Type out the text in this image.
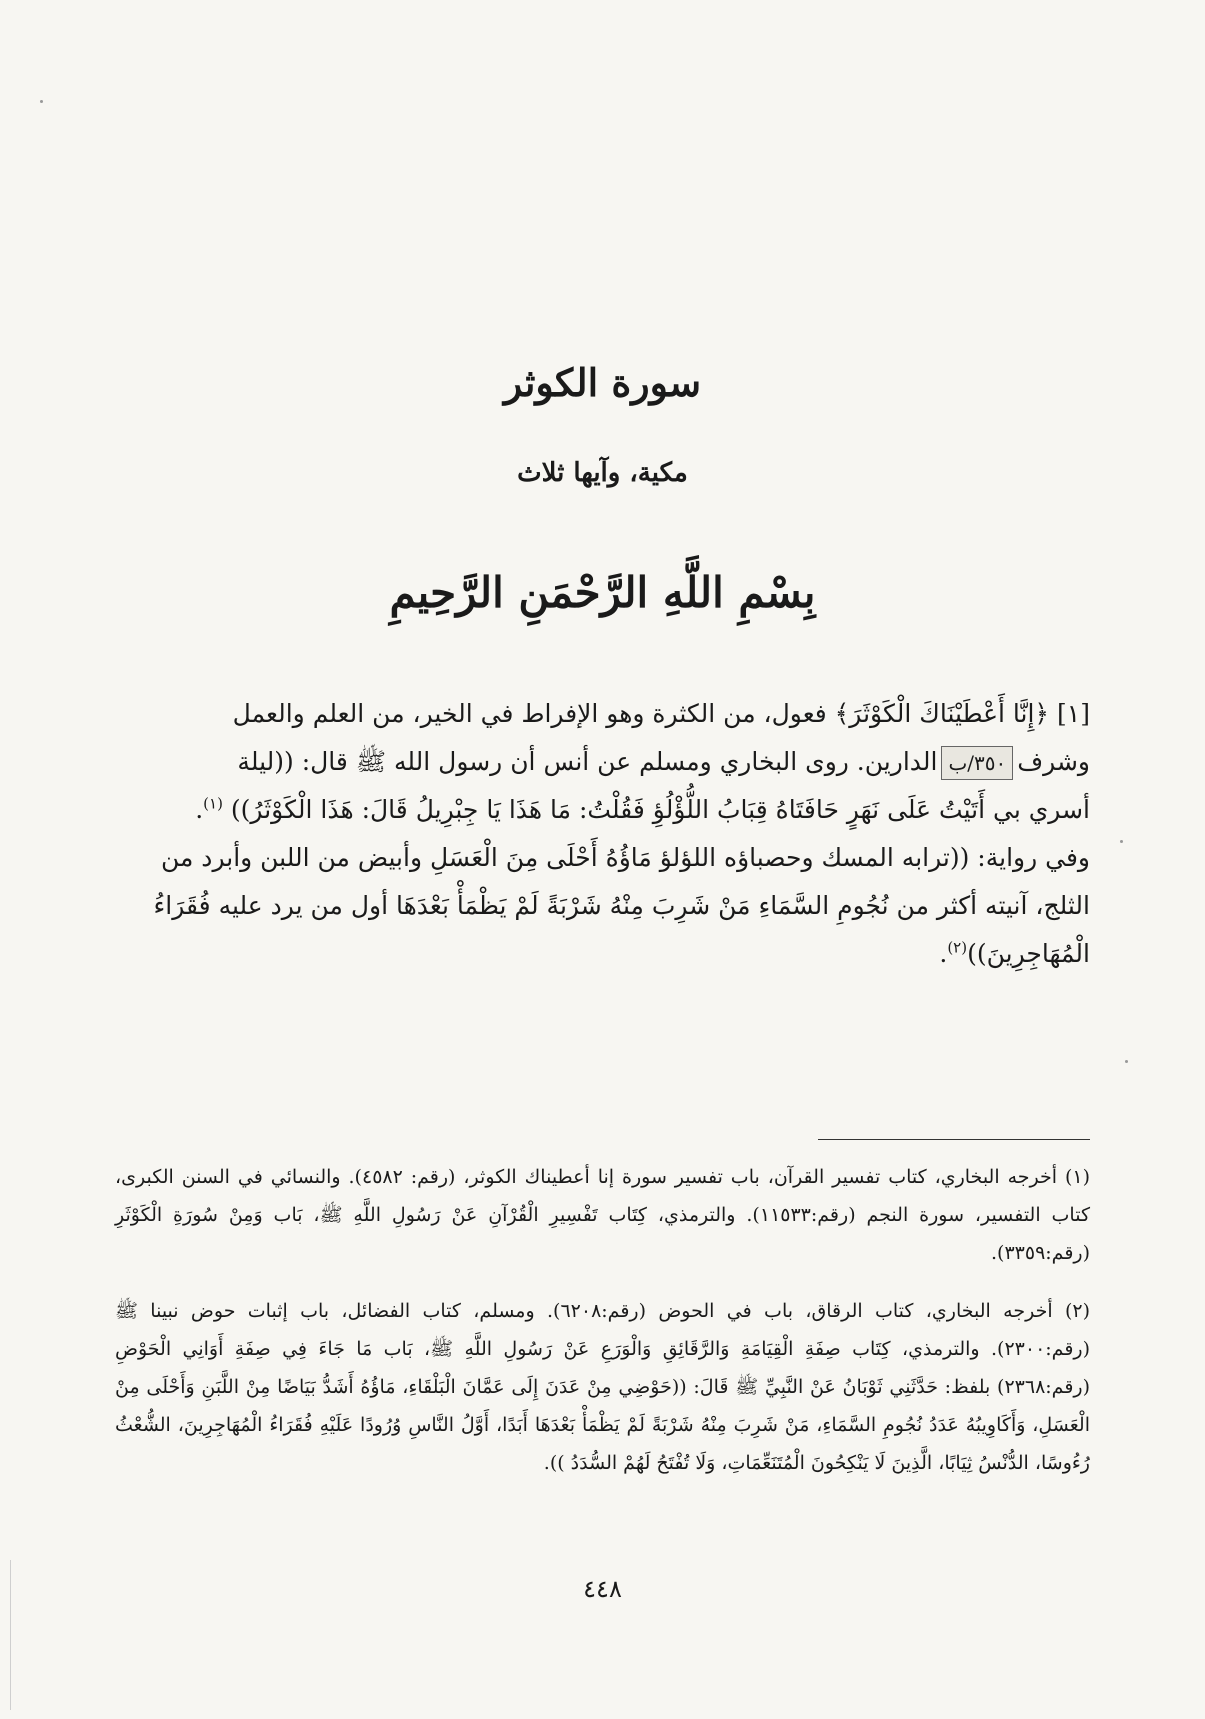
سورة الكوثر
مكية، وآيها ثلاث
بِسْمِ اللَّهِ الرَّحْمَنِ الرَّحِيمِ
[١] ﴿إِنَّا أَعْطَيْنَاكَ الْكَوْثَرَ﴾ فعول، من الكثرة وهو الإفراط في الخير، من العلم والعمل
وشرف٣٥٠/بالدارين. روى البخاري ومسلم عن أنس أن رسول الله ﷺ قال: ((ليلة
أسري بي أَتَيْتُ عَلَى نَهَرٍ حَافَتَاهُ قِبَابُ اللُّؤْلُؤِ فَقُلْتُ: مَا هَذَا يَا جِبْرِيلُ قَالَ: هَذَا الْكَوْثَرُ)) $^{(١)}$.
وفي رواية: ((ترابه المسك وحصباؤه اللؤلؤ مَاؤُهُ أَحْلَى مِنَ الْعَسَلِ وأبيض من اللبن وأبرد من
الثلج، آنيته أكثر من نُجُومِ السَّمَاءِ مَنْ شَرِبَ مِنْهُ شَرْبَةً لَمْ يَظْمَأْ بَعْدَهَا أول من يرد عليه فُقَرَاءُ
الْمُهَاجِرِينَ))$^{(٢)}$.
(١) أخرجه البخاري، كتاب تفسير القرآن، باب تفسير سورة إنا أعطيناك الكوثر، (رقم: ٤٥٨٢). والنسائي في السنن الكبرى، كتاب التفسير، سورة النجم (رقم:١١٥٣٣). والترمذي، كِتَاب تَفْسِيرِ الْقُرْآنِ عَنْ رَسُولِ اللَّهِ ﷺ، بَاب وَمِنْ سُورَةِ الْكَوْثَرِ (رقم:٣٣٥٩).
(٢) أخرجه البخاري، كتاب الرقاق، باب في الحوض (رقم:٦٢٠٨). ومسلم، كتاب الفضائل، باب إثبات حوض نبينا ﷺ (رقم:٢٣٠٠). والترمذي، كِتَاب صِفَةِ الْقِيَامَةِ وَالرَّقَائِقِ وَالْوَرَعِ عَنْ رَسُولِ اللَّهِ ﷺ، بَاب مَا جَاءَ فِي صِفَةِ أَوَانِي الْحَوْضِ (رقم:٢٣٦٨) بلفظ: حَدَّثَنِي ثَوْبَانُ عَنْ النَّبِيِّ ﷺ قَالَ: ((حَوْضِي مِنْ عَدَنَ إِلَى عَمَّانَ الْبَلْقَاءِ، مَاؤُهُ أَشَدُّ بَيَاضًا مِنْ اللَّبَنِ وَأَحْلَى مِنْ الْعَسَلِ، وَأَكَاوِيبُهُ عَدَدُ نُجُومِ السَّمَاءِ، مَنْ شَرِبَ مِنْهُ شَرْبَةً لَمْ يَظْمَأْ بَعْدَهَا أَبَدًا، أَوَّلُ النَّاسِ وُرُودًا عَلَيْهِ فُقَرَاءُ الْمُهَاجِرِينَ، الشُّعْثُ رُءُوسًا، الدُّنْسُ ثِيَابًا، الَّذِينَ لَا يَنْكِحُونَ الْمُتَنَعِّمَاتِ، وَلَا تُفْتَحُ لَهُمْ السُّدَدُ )).
٤٤٨
